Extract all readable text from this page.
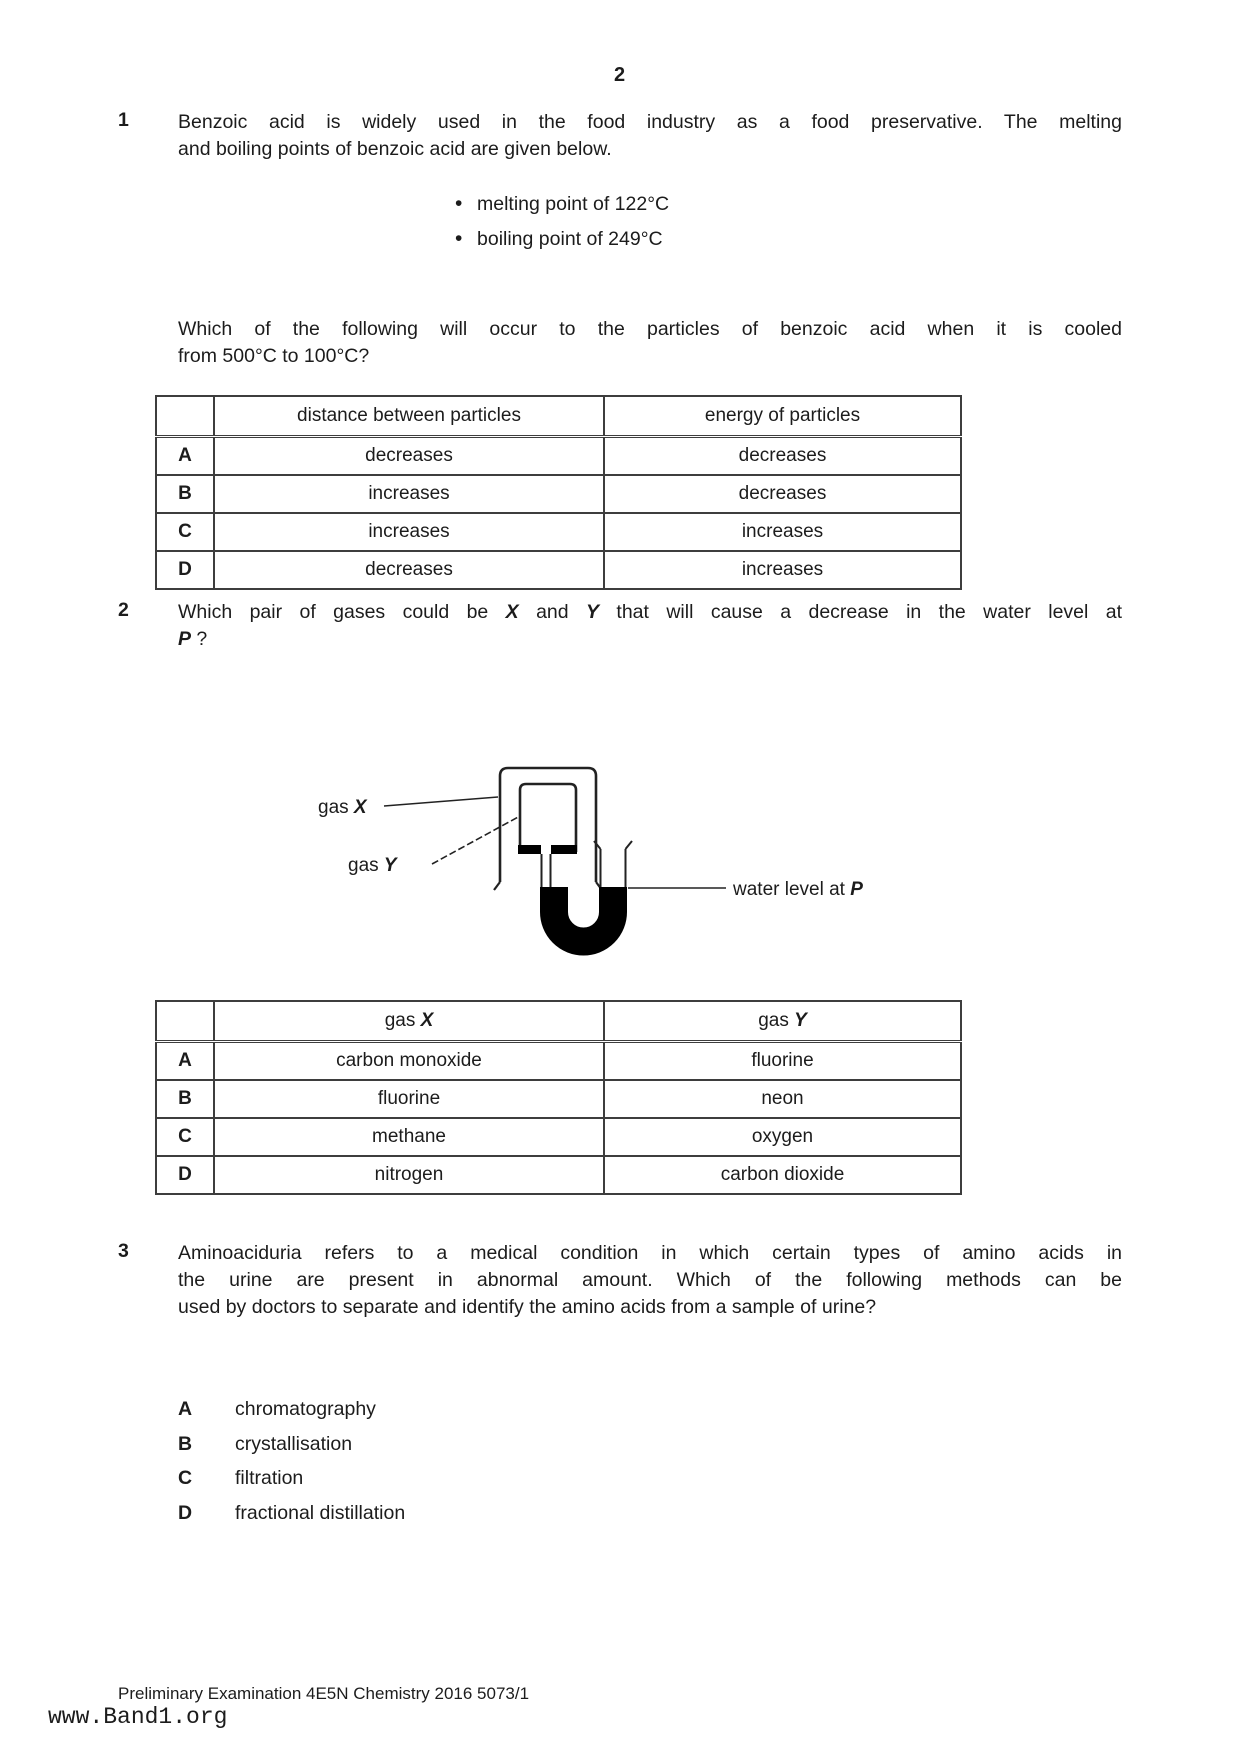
2
1	Benzoic acid is widely used in the food industry as a food preservative. The melting
and boiling points of benzoic acid are given below.
• melting point of 122°C
• boiling point of 249°C
Which of the following will occur to the particles of benzoic acid when it is cooled
from 500°C to 100°C?
	distance between particles	energy of particles
A	decreases	decreases
B	increases	decreases
C	increases	increases
D	decreases	increases
2	Which pair of gases could be X and Y that will cause a decrease in the water level at
P ?
gas X
gas Y
water level at P
	gas X	gas Y
A	carbon monoxide	fluorine
B	fluorine	neon
C	methane	oxygen
D	nitrogen	carbon dioxide
3	Aminoaciduria refers to a medical condition in which certain types of amino acids in
the urine are present in abnormal amount. Which of the following methods can be
used by doctors to separate and identify the amino acids from a sample of urine?
A chromatography
B crystallisation
C filtration
D fractional distillation
Preliminary Examination 4E5N Chemistry 2016 5073/1
www.Band1.org
